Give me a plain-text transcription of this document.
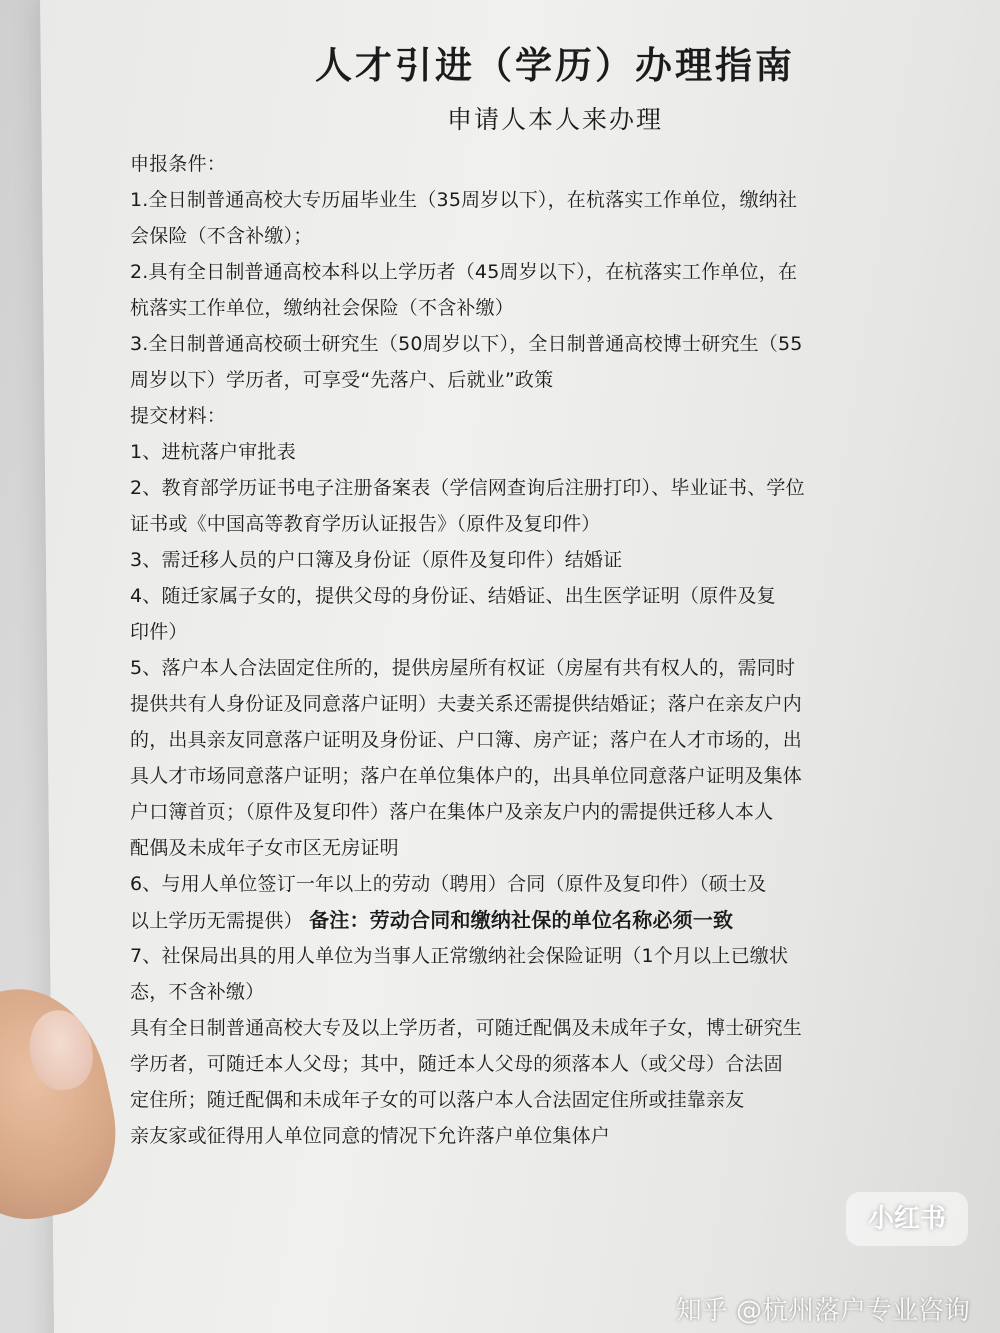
人才引进（学历）办理指南
申请人本人来办理
申报条件：
1.全日制普通高校大专历届毕业生（35周岁以下），在杭落实工作单位，缴纳社
会保险（不含补缴）；
2.具有全日制普通高校本科以上学历者（45周岁以下），在杭落实工作单位，在
杭落实工作单位，缴纳社会保险（不含补缴）
3.全日制普通高校硕士研究生（50周岁以下），全日制普通高校博士研究生（55
周岁以下）学历者，可享受“先落户、后就业”政策
提交材料：
1、进杭落户审批表
2、教育部学历证书电子注册备案表（学信网查询后注册打印）、毕业证书、学位
证书或《中国高等教育学历认证报告》（原件及复印件）
3、需迁移人员的户口簿及身份证（原件及复印件）结婚证
4、随迁家属子女的，提供父母的身份证、结婚证、出生医学证明（原件及复
印件）
5、落户本人合法固定住所的，提供房屋所有权证（房屋有共有权人的，需同时
提供共有人身份证及同意落户证明）夫妻关系还需提供结婚证；落户在亲友户内
的，出具亲友同意落户证明及身份证、户口簿、房产证；落户在人才市场的，出
具人才市场同意落户证明；落户在单位集体户的，出具单位同意落户证明及集体
户口簿首页；（原件及复印件）落户在集体户及亲友户内的需提供迁移人本人
配偶及未成年子女市区无房证明
6、与用人单位签订一年以上的劳动（聘用）合同（原件及复印件）（硕士及
以上学历无需提供） 备注：劳动合同和缴纳社保的单位名称必须一致
7、社保局出具的用人单位为当事人正常缴纳社会保险证明（1个月以上已缴状
态，不含补缴）
具有全日制普通高校大专及以上学历者，可随迁配偶及未成年子女，博士研究生
学历者，可随迁本人父母；其中，随迁本人父母的须落本人（或父母）合法固
定住所；随迁配偶和未成年子女的可以落户本人合法固定住所或挂靠亲友
亲友家或征得用人单位同意的情况下允许落户单位集体户
小红书
知乎 @杭州落户专业咨询
